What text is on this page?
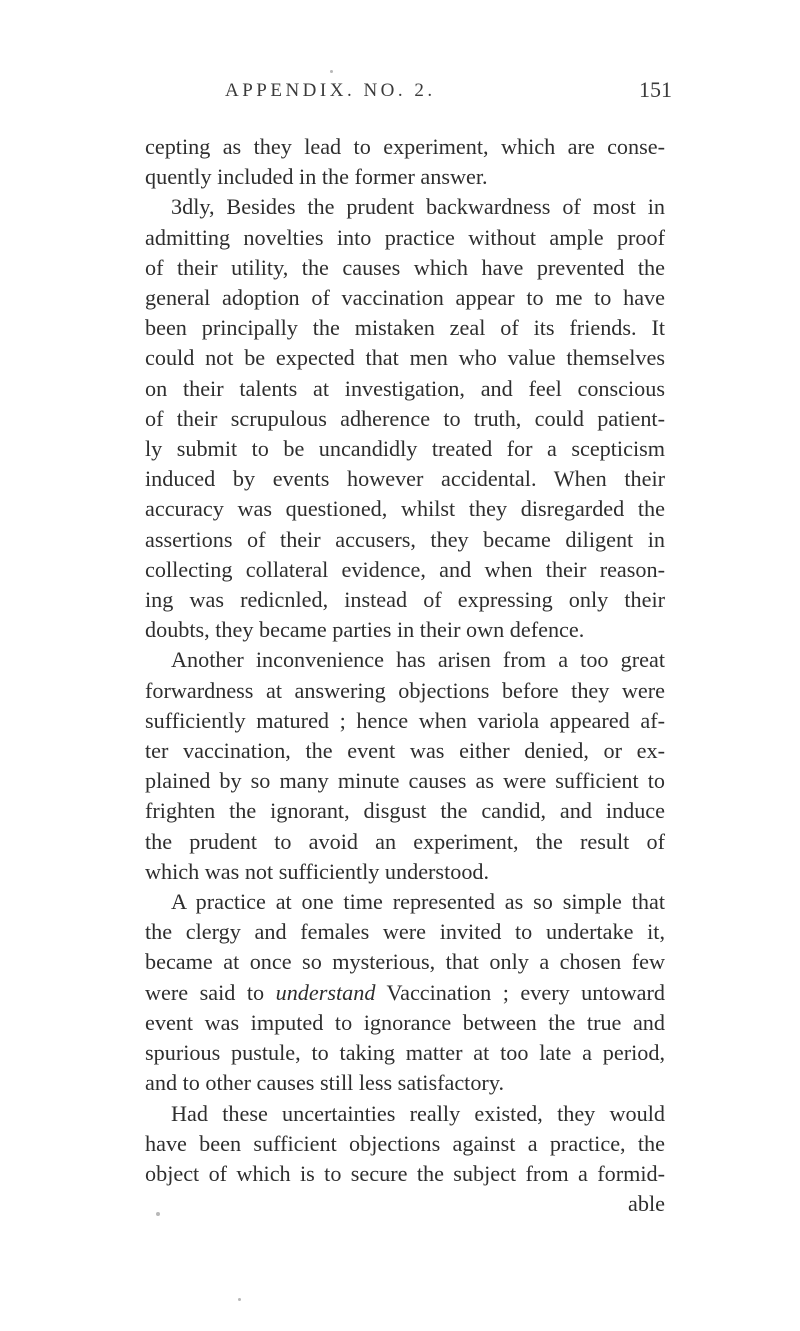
APPENDIX. NO. 2.	151
cepting as they lead to experiment, which are conse-
quently included in the former answer.
3dly, Besides the prudent backwardness of most in
admitting novelties into practice without ample proof
of their utility, the causes which have prevented the
general adoption of vaccination appear to me to have
been principally the mistaken zeal of its friends. It
could not be expected that men who value themselves
on their talents at investigation, and feel conscious
of their scrupulous adherence to truth, could patient-
ly submit to be uncandidly treated for a scepticism
induced by events however accidental. When their
accuracy was questioned, whilst they disregarded the
assertions of their accusers, they became diligent in
collecting collateral evidence, and when their reason-
ing was redicnled, instead of expressing only their
doubts, they became parties in their own defence.
Another inconvenience has arisen from a too great
forwardness at answering objections before they were
sufficiently matured ; hence when variola appeared af-
ter vaccination, the event was either denied, or ex-
plained by so many minute causes as were sufficient to
frighten the ignorant, disgust the candid, and induce
the prudent to avoid an experiment, the result of
which was not sufficiently understood.
A practice at one time represented as so simple that
the clergy and females were invited to undertake it,
became at once so mysterious, that only a chosen few
were said to understand Vaccination ; every untoward
event was imputed to ignorance between the true and
spurious pustule, to taking matter at too late a period,
and to other causes still less satisfactory.
Had these uncertainties really existed, they would
have been sufficient objections against a practice, the
object of which is to secure the subject from a formid-
able
